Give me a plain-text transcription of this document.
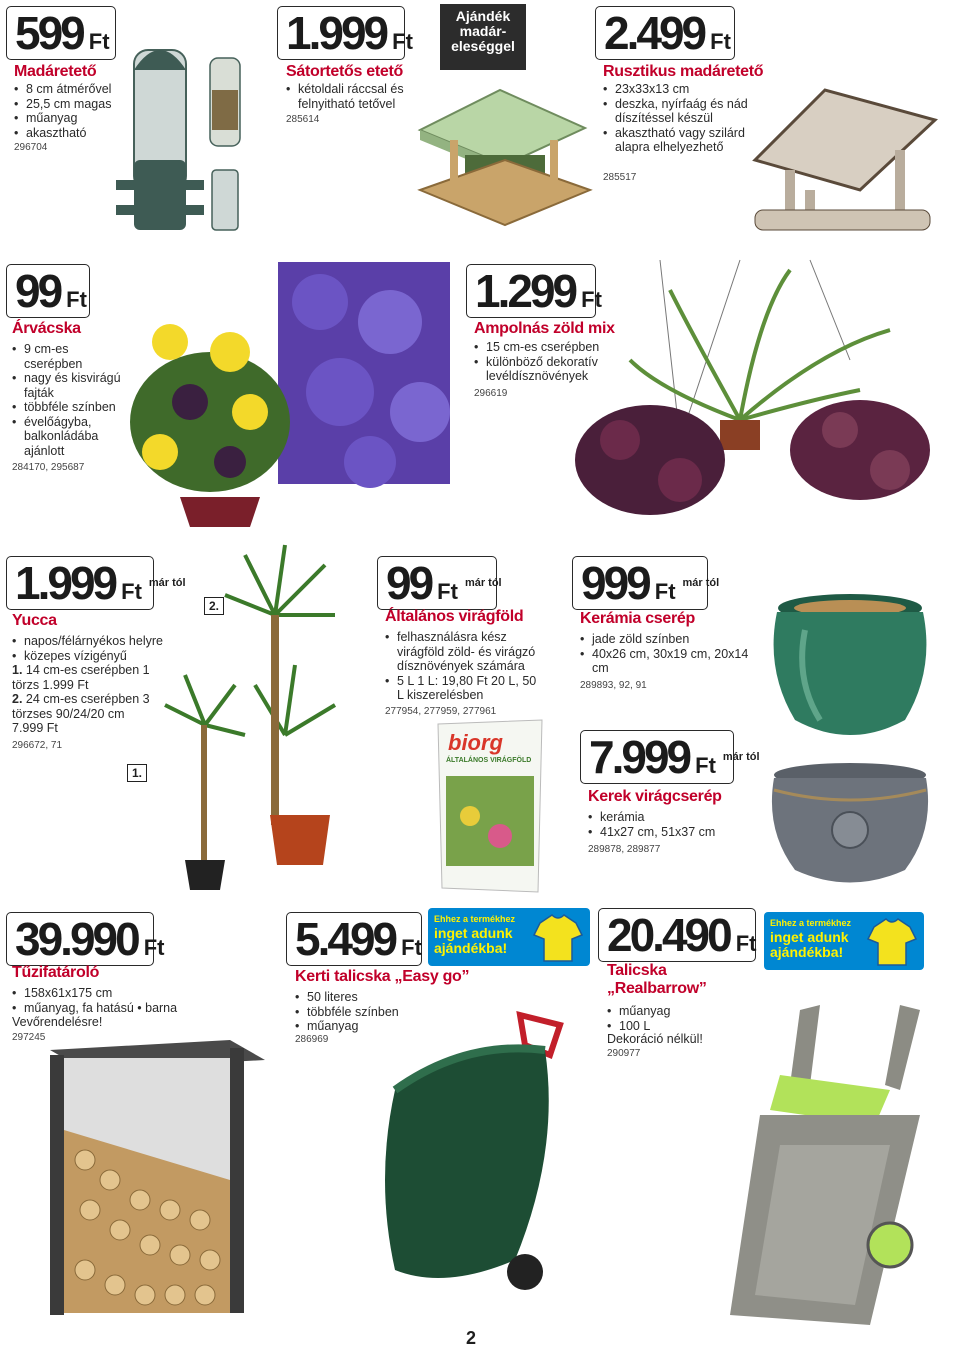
599 Ft
Madáretető
• 8 cm átmérővel
• 25,5 cm magas
• műanyag
• akasztható
296704
1.999 Ft
Sátortetős etető
• kétoldali ráccsal és felnyitható tetővel
285614
Ajándék madár-eleséggel 2.499 Ft
Rusztikus madáretető
• 23x33x13 cm
• deszka, nyírfaág és nád díszítéssel készül
• akasztható vagy szilárd alapra elhelyezhető
285517
99 Ft
Árvácska
• 9 cm-es cserépben
• nagy és kisvirágú fajták
• többféle színben
• évelőágyba, balkonládába ajánlott
284170, 295687
1.299 Ft
Ampolnás zöld mix
• 15 cm-es cserépben
• különböző dekoratív levéldísznövények
296619
1.999 Ft már tól
Yucca
• napos/félárnyékos helyre
• közepes vízigényű
1. 14 cm-es cserépben 1 törzs 1.999 Ft
2. 24 cm-es cserépben 3 törzses 90/24/20 cm 7.999 Ft
296672, 71
2.
1.
99 Ft már tól
Általános virágföld
• felhasználásra kész virágföld zöld- és virágzó dísznövények számára
• 5 L 1 L: 19,80 Ft 20 L, 50 L kiszerelésben
277954, 277959, 277961
biorg
ÁLTALÁNOS VIRÁGFÖLD
999 Ft már tól
Kerámia cserép
• jade zöld színben
• 40x26 cm, 30x19 cm, 20x14 cm
289893, 92, 91
7.999 Ft már tól
Kerek virágcserép
• kerámia
• 41x27 cm, 51x37 cm
289878, 289877
39.990 Ft
Tűzifatároló
• 158x61x175 cm
• műanyag, fa hatású • barna
Vevőrendelésre!
297245
5.499 Ft
Ehhez a termékhez
inget adunk ajándékba!
Kerti talicska „Easy go”
• 50 literes
• többféle színben
• műanyag
286969
20.490 Ft
Ehhez a termékhez
inget adunk ajándékba!
Talicska „Realbarrow”
• műanyag
• 100 L
Dekoráció nélkül!
290977
2
